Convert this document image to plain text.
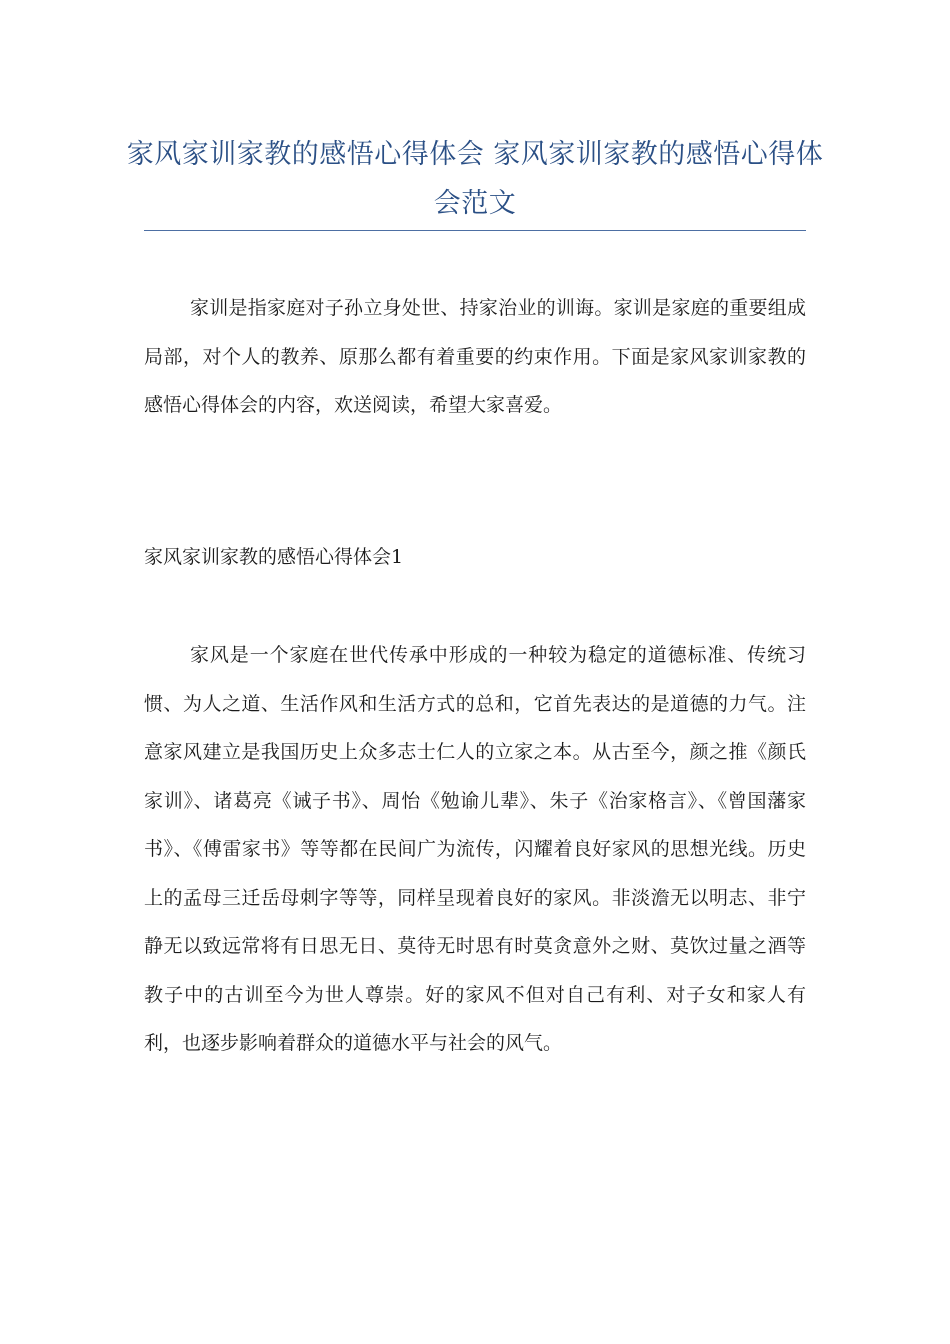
家风家训家教的感悟心得体会 家风家训家教的感悟心得体会范文
家训是指家庭对子孙立身处世、持家治业的训诲。家训是家庭的重要组成局部，对个人的教养、原那么都有着重要的约束作用。下面是家风家训家教的感悟心得体会的内容，欢送阅读，希望大家喜爱。
家风家训家教的感悟心得体会1
家风是一个家庭在世代传承中形成的一种较为稳定的道德标准、传统习惯、为人之道、生活作风和生活方式的总和，它首先表达的是道德的力气。注意家风建立是我国历史上众多志士仁人的立家之本。从古至今，颜之推《颜氏家训》、诸葛亮《诫子书》、周怡《勉谕儿辈》、朱子《治家格言》、《曾国藩家书》、《傅雷家书》等等都在民间广为流传，闪耀着良好家风的思想光线。历史上的孟母三迁岳母刺字等等，同样呈现着良好的家风。非淡澹无以明志、非宁静无以致远常将有日思无日、莫待无时思有时莫贪意外之财、莫饮过量之酒等教子中的古训至今为世人尊崇。好的家风不但对自己有利、对子女和家人有利，也逐步影响着群众的道德水平与社会的风气。
